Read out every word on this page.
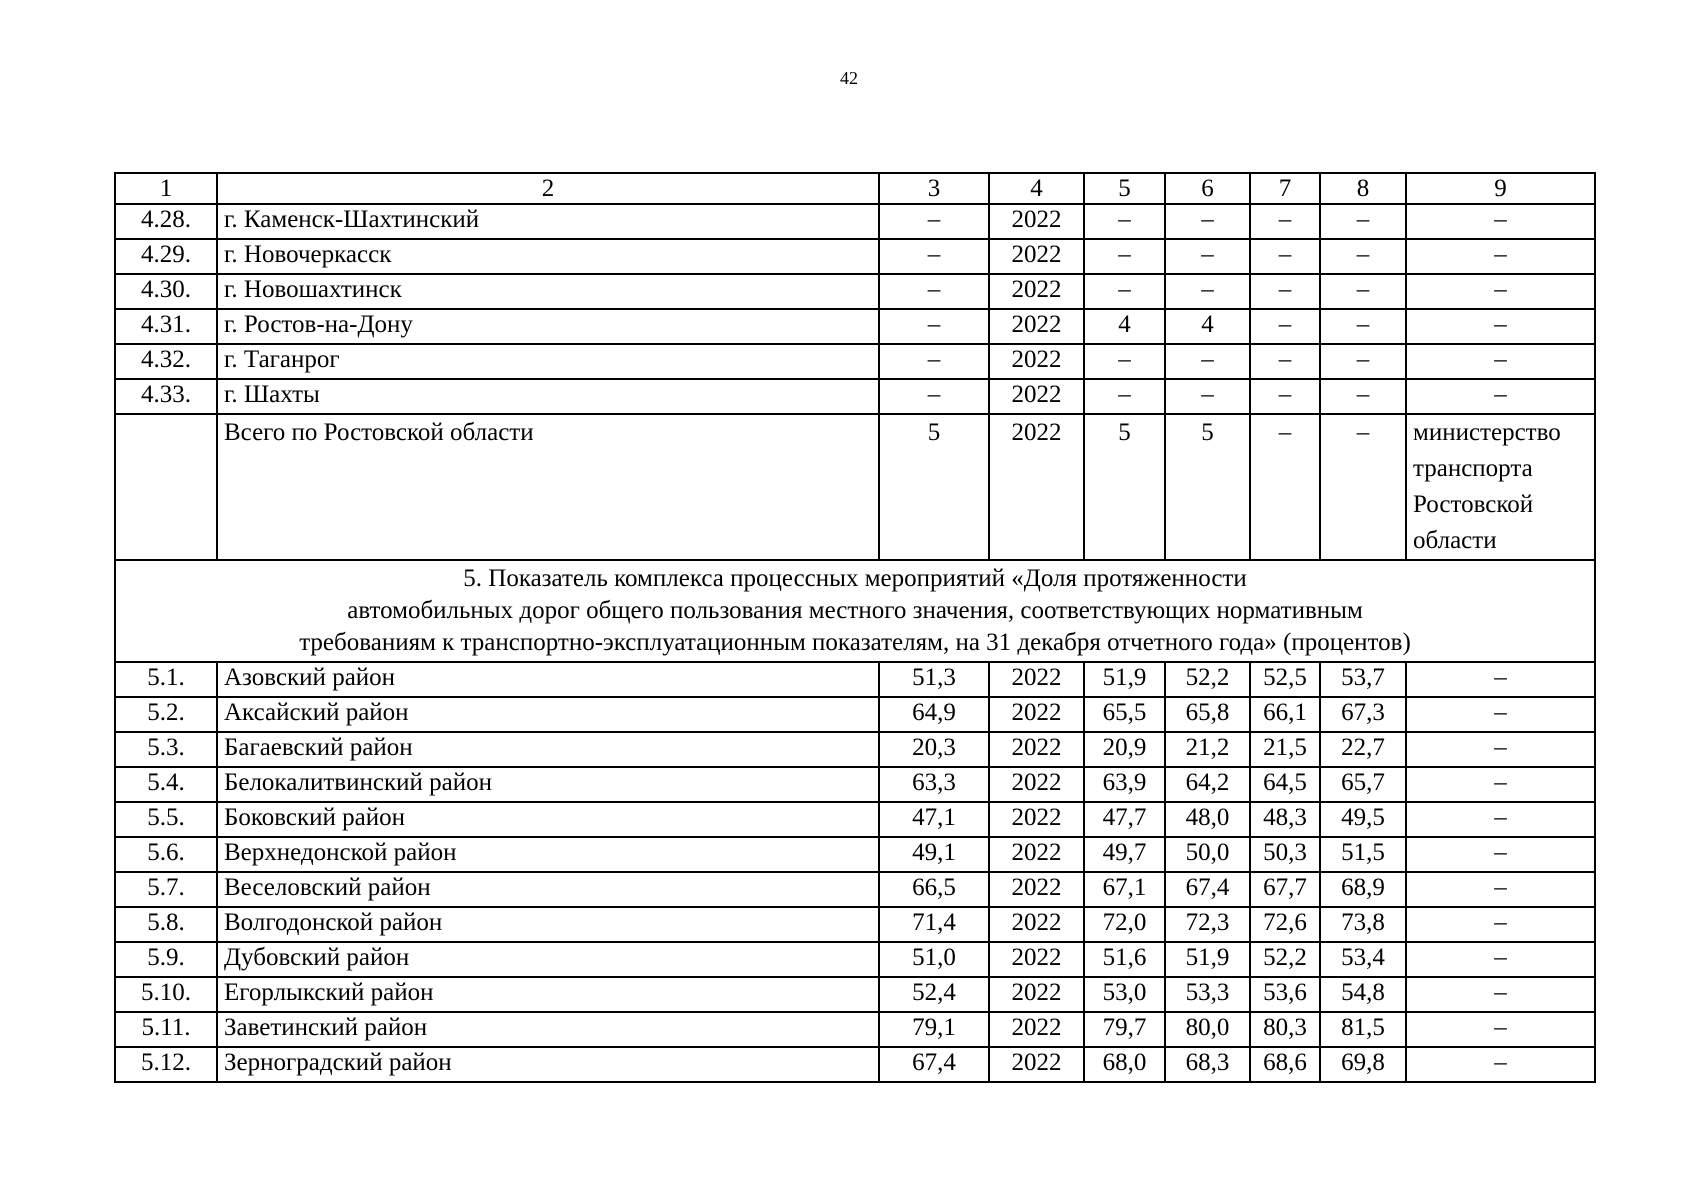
42
1	2	3	4	5	6	7	8	9
4.28.	г. Каменск-Шахтинский	–	2022	–	–	–	–	–
4.29.	г. Новочеркасск	–	2022	–	–	–	–	–
4.30.	г. Новошахтинск	–	2022	–	–	–	–	–
4.31.	г. Ростов-на-Дону	–	2022	4	4	–	–	–
4.32.	г. Таганрог	–	2022	–	–	–	–	–
4.33.	г. Шахты	–	2022	–	–	–	–	–
	Всего по Ростовской области	5	2022	5	5	–	–	министерство
транспорта
Ростовской
области

5. Показатель комплекса процессных мероприятий «Доля протяженности
автомобильных дорог общего пользования местного значения, соответствующих нормативным
требованиям к транспортно-эксплуатационным показателям, на 31 декабря отчетного года» (процентов)								

5.1.	Азовский район	51,3	2022	51,9	52,2	52,5	53,7	–
5.2.	Аксайский район	64,9	2022	65,5	65,8	66,1	67,3	–
5.3.	Багаевский район	20,3	2022	20,9	21,2	21,5	22,7	–
5.4.	Белокалитвинский район	63,3	2022	63,9	64,2	64,5	65,7	–
5.5.	Боковский район	47,1	2022	47,7	48,0	48,3	49,5	–
5.6.	Верхнедонской район	49,1	2022	49,7	50,0	50,3	51,5	–
5.7.	Веселовский район	66,5	2022	67,1	67,4	67,7	68,9	–
5.8.	Волгодонской район	71,4	2022	72,0	72,3	72,6	73,8	–
5.9.	Дубовский район	51,0	2022	51,6	51,9	52,2	53,4	–
5.10.	Егорлыкский район	52,4	2022	53,0	53,3	53,6	54,8	–
5.11.	Заветинский район	79,1	2022	79,7	80,0	80,3	81,5	–
5.12.	Зерноградский район	67,4	2022	68,0	68,3	68,6	69,8	–
